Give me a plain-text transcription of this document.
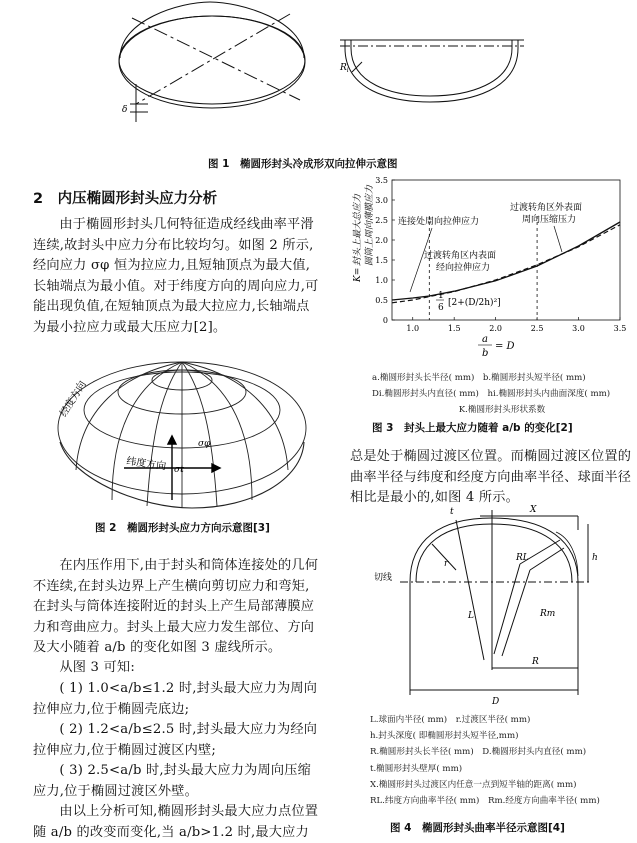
δ
$R_i$
图 1　椭圆形封头冷成形双向拉伸示意图
2　内压椭圆形封头应力分析
由于椭圆形封头几何特征造成经线曲率平滑连续,故封头中应力分布比较均匀。如图 2 所示,经向应力 σφ 恒为拉应力,且短轴顶点为最大值,长轴端点为最小值。对于纬度方向的周向应力,可能出现负值,在短轴顶点为最大拉应力,长轴端点为最小拉应力或最大压应力[2]。
经度方向
纬度方向
σφ
σt
图 2　椭圆形封头应力方向示意图[3]
在内压作用下,由于封头和筒体连接处的几何不连续,在封头边界上产生横向剪切应力和弯矩,在封头与筒体连接附近的封头上产生局部薄膜应力和弯曲应力。封头上最大应力发生部位、方向及大小随着 a/b 的变化如图 3 虚线所示。
从图 3 可知:
( 1) 1.0<a/b≤1.2 时,封头最大应力为周向拉伸应力,位于椭圆壳底边;
( 2) 1.2<a/b≤2.5 时,封头最大应力为经向拉伸应力,位于椭圆过渡区内壁;
( 3) 2.5<a/b 时,封头最大应力为周向压缩应力,位于椭圆过渡区外壁。
由以上分析可知,椭圆形封头最大应力点位置随 a/b 的改变而变化,当 a/b>1.2 时,最大应力
0
0.5
1.0
1.5
2.0
2.5
3.0
3.5
1.0	1.5	2.0	2.5	3.0	3.5
连接处周向拉伸应力
过渡转角区外表面
周向压缩压力
过渡转角区内表面
经向拉伸应力
1
6 [2+(D/2h)²]
K=
封头上最大总应力 圆筒上周向薄膜应力
a
b
= D
a.椭圆形封头长半径( mm)　b.椭圆形封头短半径( mm)
Di.椭圆形封头内直径( mm)　hi.椭圆形封头内曲面深度( mm)
K.椭圆形封头形状系数
图 3　封头上最大应力随着 a/b 的变化[2]
总是处于椭圆过渡区位置。而椭圆过渡区位置的曲率半径与纬度和经度方向曲率半径、球面半径相比是最小的,如图 4 所示。
t	X
h
RL
r
Rm
L
R
D
切线
L.球面内半径( mm)　r.过渡区半径( mm)
h.封头深度( 即椭圆形封头短半径,mm)
R.椭圆形封头长半径( mm)　D.椭圆形封头内直径( mm)
t.椭圆形封头壁厚( mm)
X.椭圆形封头过渡区内任意一点到短半轴的距离( mm)
RL.纬度方向曲率半径( mm)　Rm.经度方向曲率半径( mm)
图 4　椭圆形封头曲率半径示意图[4]
